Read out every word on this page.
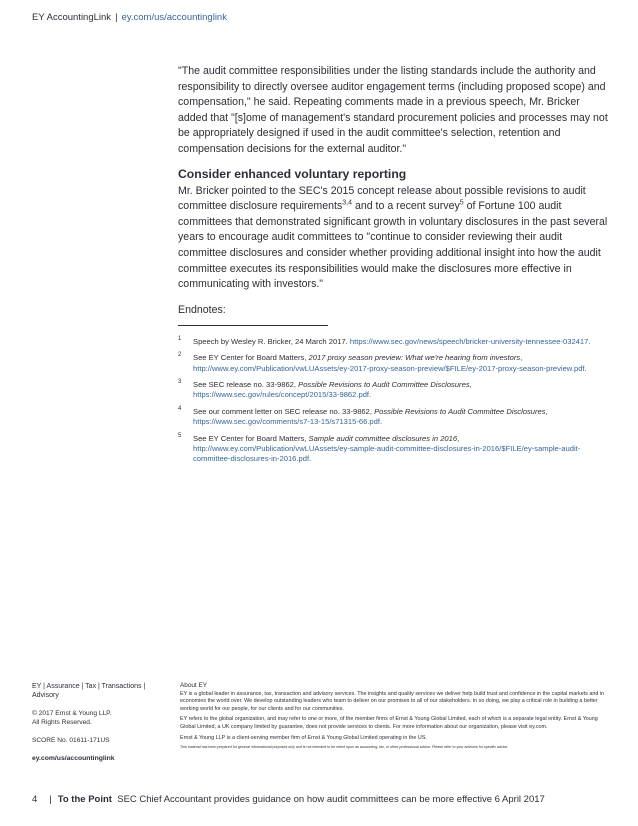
EY AccountingLink | ey.com/us/accountinglink

"The audit committee responsibilities under the listing standards include the authority and responsibility to directly oversee auditor engagement terms (including proposed scope) and compensation," he said. Repeating comments made in a previous speech, Mr. Bricker added that "[s]ome of management's standard procurement policies and processes may not be appropriately designed if used in the audit committee's selection, retention and compensation decisions for the external auditor."

Consider enhanced voluntary reporting

Mr. Bricker pointed to the SEC's 2015 concept release about possible revisions to audit committee disclosure requirements$^{3,4}$ and to a recent survey$^5$ of Fortune 100 audit committees that demonstrated significant growth in voluntary disclosures in the past several years to encourage audit committees to "continue to consider reviewing their audit committee disclosures and consider whether providing additional insight into how the audit committee executes its responsibilities would make the disclosures more effective in communicating with investors."

Endnotes:
1 Speech by Wesley R. Bricker, 24 March 2017. https://www.sec.gov/news/speech/bricker-university-tennessee-032417.
2 See EY Center for Board Matters, 2017 proxy season preview: What we're hearing from investors, http://www.ey.com/Publication/vwLUAssets/ey-2017-proxy-season-preview/$FILE/ey-2017-proxy-season-preview.pdf.
3 See SEC release no. 33-9862, Possible Revisions to Audit Committee Disclosures, https://www.sec.gov/rules/concept/2015/33-9862.pdf.
4 See our comment letter on SEC release no. 33-9862, Possible Revisions to Audit Committee Disclosures, https://www.sec.gov/comments/s7-13-15/s71315-66.pdf.
5 See EY Center for Board Matters, Sample audit committee disclosures in 2016, http://www.ey.com/Publication/vwLUAssets/ey-sample-audit-committee-disclosures-in-2016/$FILE/ey-sample-audit-committee-disclosures-in-2016.pdf.
EY | Assurance | Tax | Transactions | Advisory
© 2017 Ernst & Young LLP.
All Rights Reserved.
SCORE No. 01611-171US
ey.com/us/accountinglink
About EY

EY is a global leader in assurance, tax, transaction and advisory services. The insights and quality services we deliver help build trust and confidence in the capital markets and in economies the world over. We develop outstanding leaders who team to deliver on our promises to all of our stakeholders. In so doing, we play a critical role in building a better working world for our people, for our clients and for our communities.

EY refers to the global organization, and may refer to one or more, of the member firms of Ernst & Young Global Limited, each of which is a separate legal entity. Ernst & Young Global Limited, a UK company limited by guarantee, does not provide services to clients. For more information about our organization, please visit ey.com.

Ernst & Young LLP is a client-serving member firm of Ernst & Young Global Limited operating in the US.

This material has been prepared for general informational purposes only and is not intended to be relied upon as accounting, tax, or other professional advice. Please refer to your advisors for specific advice.

4 | To the Point SEC Chief Accountant provides guidance on how audit committees can be more effective 6 April 2017
